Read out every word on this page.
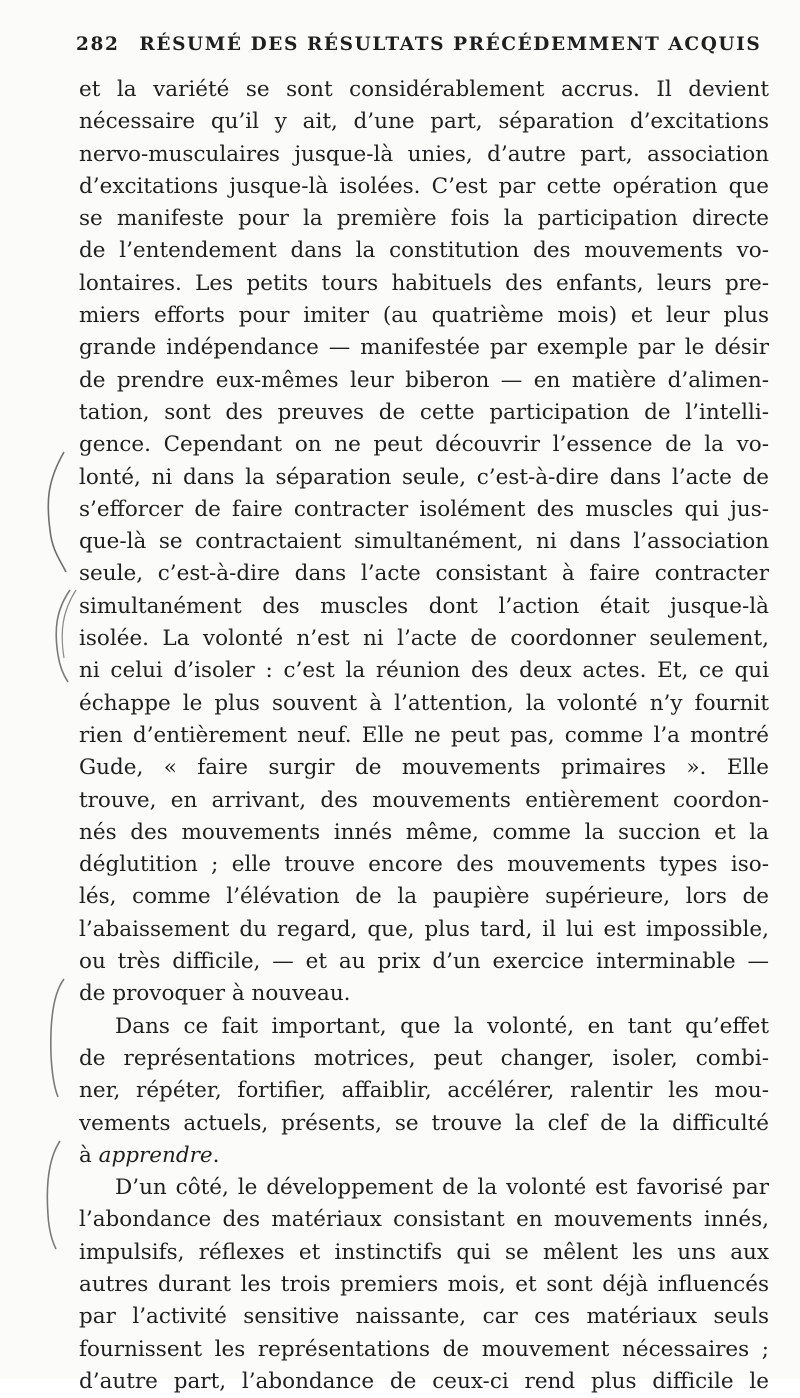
282 RÉSUMÉ DES RÉSULTATS PRÉCÉDEMMENT ACQUIS
et la variété se sont considérablement accrus. Il devient
nécessaire qu’il y ait, d’une part, séparation d’excitations
nervo-musculaires jusque-là unies, d’autre part, association
d’excitations jusque-là isolées. C’est par cette opération que
se manifeste pour la première fois la participation directe
de l’entendement dans la constitution des mouvements vo-
lontaires. Les petits tours habituels des enfants, leurs pre-
miers efforts pour imiter (au quatrième mois) et leur plus
grande indépendance — manifestée par exemple par le désir
de prendre eux-mêmes leur biberon — en matière d’alimen-
tation, sont des preuves de cette participation de l’intelli-
gence. Cependant on ne peut découvrir l’essence de la vo-
lonté, ni dans la séparation seule, c’est-à-dire dans l’acte de
s’efforcer de faire contracter isolément des muscles qui jus-
que-là se contractaient simultanément, ni dans l’association
seule, c’est-à-dire dans l’acte consistant à faire contracter
simultanément des muscles dont l’action était jusque-là
isolée. La volonté n’est ni l’acte de coordonner seulement,
ni celui d’isoler : c’est la réunion des deux actes. Et, ce qui
échappe le plus souvent à l’attention, la volonté n’y fournit
rien d’entièrement neuf. Elle ne peut pas, comme l’a montré
Gude, « faire surgir de mouvements primaires ». Elle
trouve, en arrivant, des mouvements entièrement coordon-
nés des mouvements innés même, comme la succion et la
déglutition ; elle trouve encore des mouvements types iso-
lés, comme l’élévation de la paupière supérieure, lors de
l’abaissement du regard, que, plus tard, il lui est impossible,
ou très difficile, — et au prix d’un exercice interminable —
de provoquer à nouveau.
Dans ce fait important, que la volonté, en tant qu’effet
de représentations motrices, peut changer, isoler, combi-
ner, répéter, fortifier, affaiblir, accélérer, ralentir les mou-
vements actuels, présents, se trouve la clef de la difficulté
à apprendre.
D’un côté, le développement de la volonté est favorisé par
l’abondance des matériaux consistant en mouvements innés,
impulsifs, réflexes et instinctifs qui se mêlent les uns aux
autres durant les trois premiers mois, et sont déjà influencés
par l’activité sensitive naissante, car ces matériaux seuls
fournissent les représentations de mouvement nécessaires ;
d’autre part, l’abondance de ceux-ci rend plus difficile le
